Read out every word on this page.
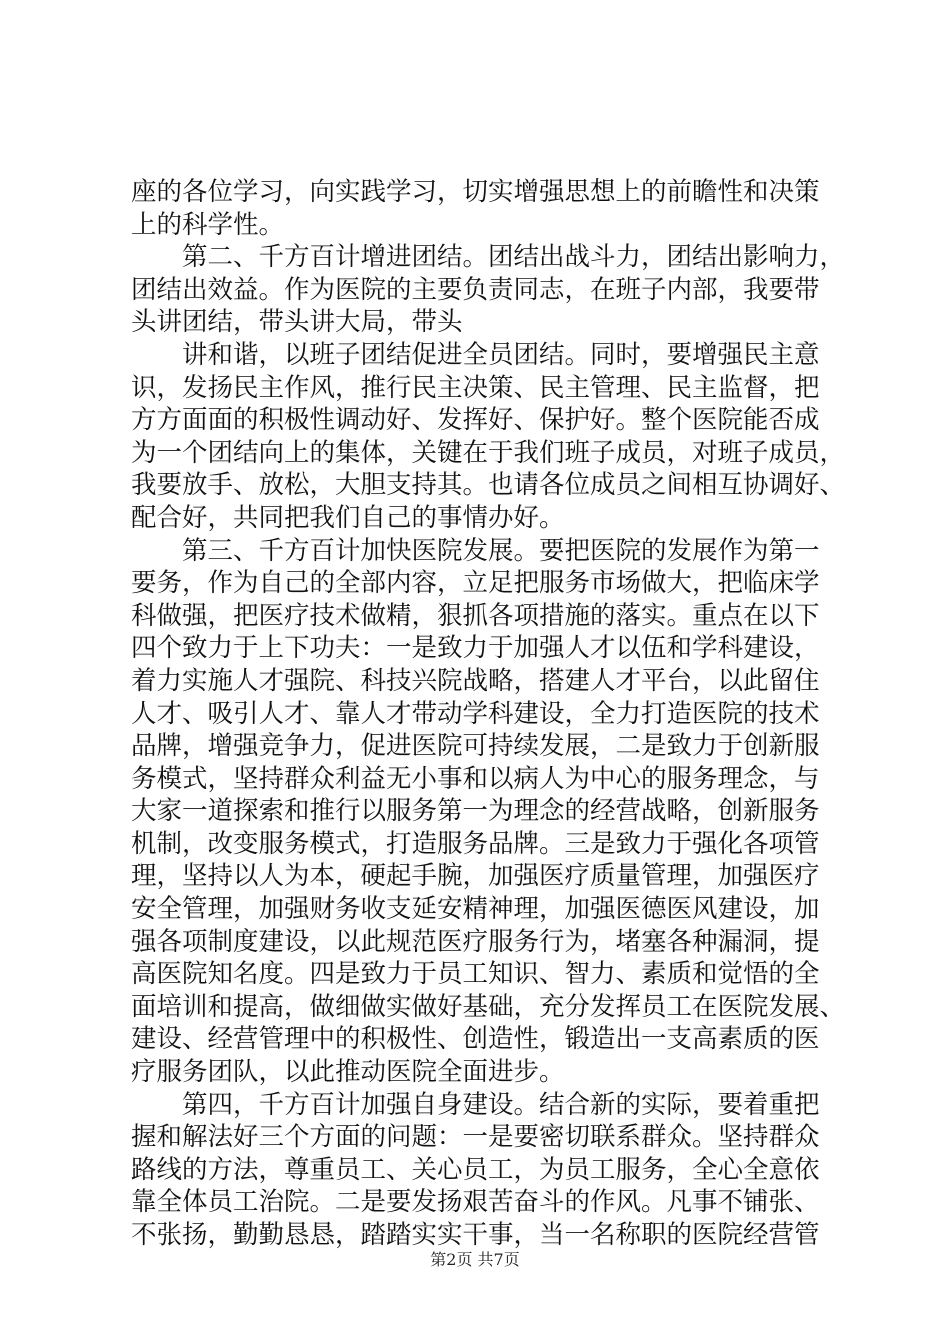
座的各位学习，向实践学习，切实增强思想上的前瞻性和决策
上的科学性。
第二、千方百计增进团结。团结出战斗力，团结出影响力，
团结出效益。作为医院的主要负责同志，在班子内部，我要带
头讲团结，带头讲大局，带头
讲和谐，以班子团结促进全员团结。同时，要增强民主意
识，发扬民主作风，推行民主决策、民主管理、民主监督，把
方方面面的积极性调动好、发挥好、保护好。整个医院能否成
为一个团结向上的集体，关键在于我们班子成员，对班子成员，
我要放手、放松，大胆支持其。也请各位成员之间相互协调好、
配合好，共同把我们自己的事情办好。
第三、千方百计加快医院发展。要把医院的发展作为第一
要务，作为自己的全部内容，立足把服务市场做大，把临床学
科做强，把医疗技术做精，狠抓各项措施的落实。重点在以下
四个致力于上下功夫：一是致力于加强人才以伍和学科建设，
着力实施人才强院、科技兴院战略，搭建人才平台，以此留住
人才、吸引人才、靠人才带动学科建设，全力打造医院的技术
品牌，增强竞争力，促进医院可持续发展，二是致力于创新服
务模式，坚持群众利益无小事和以病人为中心的服务理念，与
大家一道探索和推行以服务第一为理念的经营战略，创新服务
机制，改变服务模式，打造服务品牌。三是致力于强化各项管
理，坚持以人为本，硬起手腕，加强医疗质量管理，加强医疗
安全管理，加强财务收支延安精神理，加强医德医风建设，加
强各项制度建设，以此规范医疗服务行为，堵塞各种漏洞，提
高医院知名度。四是致力于员工知识、智力、素质和觉悟的全
面培训和提高，做细做实做好基础，充分发挥员工在医院发展、
建设、经营管理中的积极性、创造性，锻造出一支高素质的医
疗服务团队，以此推动医院全面进步。
第四，千方百计加强自身建设。结合新的实际，要着重把
握和解法好三个方面的问题：一是要密切联系群众。坚持群众
路线的方法，尊重员工、关心员工，为员工服务，全心全意依
靠全体员工治院。二是要发扬艰苦奋斗的作风。凡事不铺张、
不张扬，勤勤恳恳，踏踏实实干事，当一名称职的医院经营管
第2页 共7页
